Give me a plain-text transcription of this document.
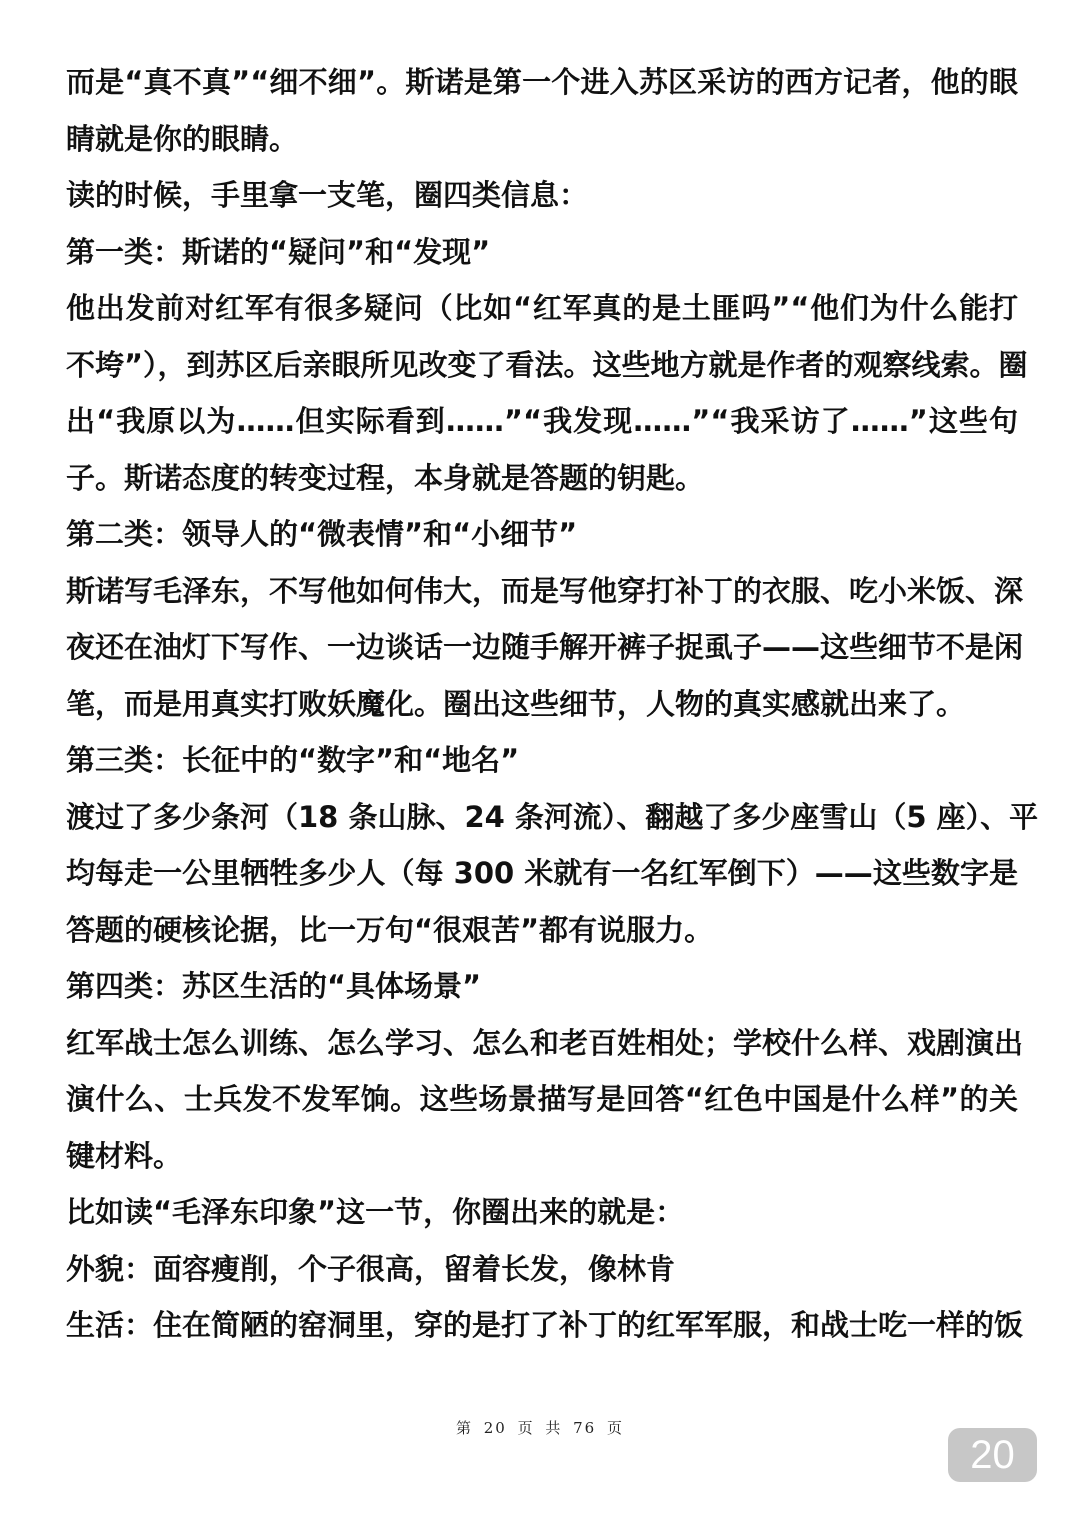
而是“真不真”“细不细”。斯诺是第一个进入苏区采访的西方记者，他的眼
睛就是你的眼睛。
读的时候，手里拿一支笔，圈四类信息：
第一类：斯诺的“疑问”和“发现”
他出发前对红军有很多疑问（比如“红军真的是土匪吗”“他们为什么能打
不垮”），到苏区后亲眼所见改变了看法。这些地方就是作者的观察线索。圈
出“我原以为……但实际看到……”“我发现……”“我采访了……”这些句
子。斯诺态度的转变过程，本身就是答题的钥匙。
第二类：领导人的“微表情”和“小细节”
斯诺写毛泽东，不写他如何伟大，而是写他穿打补丁的衣服、吃小米饭、深
夜还在油灯下写作、一边谈话一边随手解开裤子捉虱子——这些细节不是闲
笔，而是用真实打败妖魔化。圈出这些细节，人物的真实感就出来了。
第三类：长征中的“数字”和“地名”
渡过了多少条河（18 条山脉、24 条河流）、翻越了多少座雪山（5 座）、平
均每走一公里牺牲多少人（每 300 米就有一名红军倒下）——这些数字是
答题的硬核论据，比一万句“很艰苦”都有说服力。
第四类：苏区生活的“具体场景”
红军战士怎么训练、怎么学习、怎么和老百姓相处；学校什么样、戏剧演出
演什么、士兵发不发军饷。这些场景描写是回答“红色中国是什么样”的关
键材料。
比如读“毛泽东印象”这一节，你圈出来的就是：
外貌：面容瘦削，个子很高，留着长发，像林肯
生活：住在简陋的窑洞里，穿的是打了补丁的红军军服，和战士吃一样的饭
第 20 页 共 76 页
20
